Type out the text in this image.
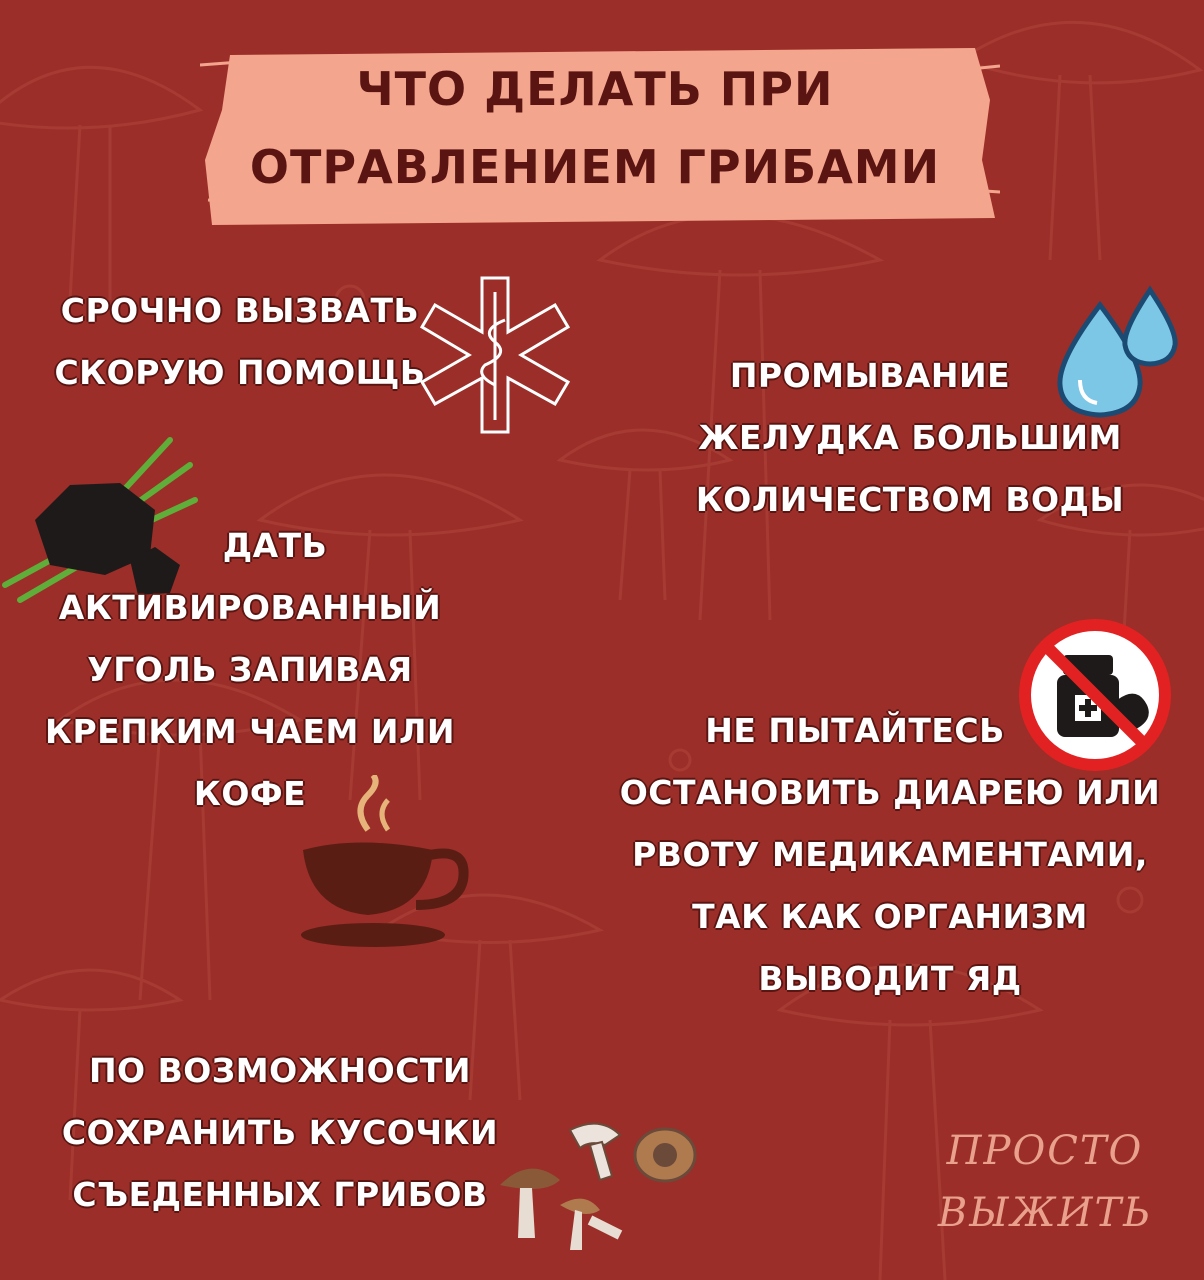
ЧТО ДЕЛАТЬ ПРИ
ОТРАВЛЕНИЕМ ГРИБАМИ
СРОЧНО ВЫЗВАТЬ
СКОРУЮ ПОМОЩЬ	ПРОМЫВАНИЕ
ЖЕЛУДКА БОЛЬШИМ
КОЛИЧЕСТВОМ ВОДЫ
ДАТЬ
АКТИВИРОВАННЫЙ
УГОЛЬ ЗАПИВАЯ
КРЕПКИМ ЧАЕМ ИЛИ
КОФЕ
НЕ ПЫТАЙТЕСЬ
ОСТАНОВИТЬ ДИАРЕЮ ИЛИ
РВОТУ МЕДИКАМЕНТАМИ,
ТАК КАК ОРГАНИЗМ
ВЫВОДИТ ЯД
ПО ВОЗМОЖНОСТИ
СОХРАНИТЬ КУСОЧКИ
СЪЕДЕННЫХ ГРИБОВ
ПРОСТО
ВЫЖИТЬ
